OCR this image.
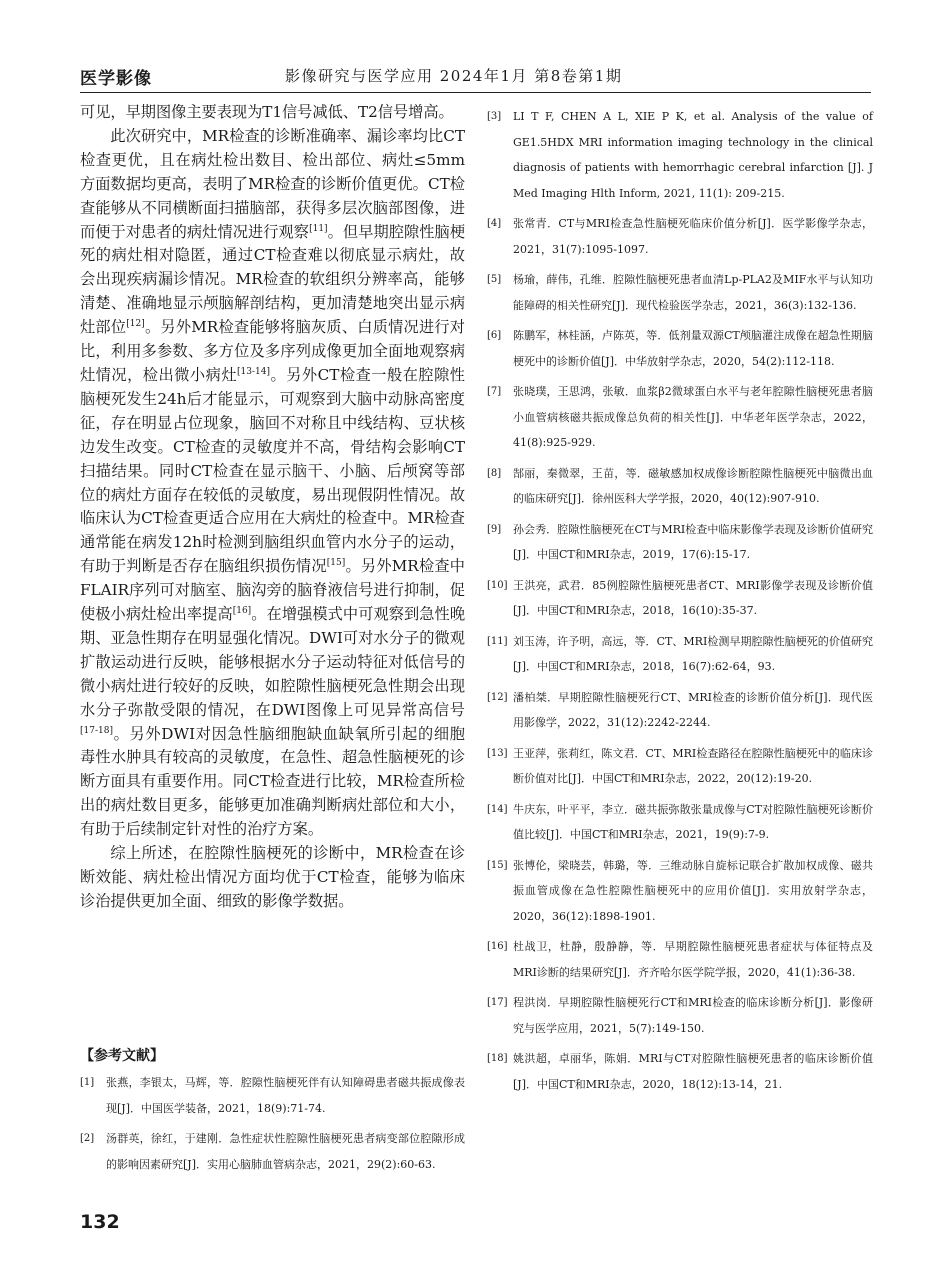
医学影像	影像研究与医学应用 2024年1月 第8卷第1期

可见，早期图像主要表现为T1信号减低、T2信号增高。

此次研究中，MR检查的诊断准确率、漏诊率均比CT检查更优，且在病灶检出数目、检出部位、病灶≤5mm方面数据均更高，表明了MR检查的诊断价值更优。CT检查能够从不同横断面扫描脑部，获得多层次脑部图像，进而便于对患者的病灶情况进行观察[11]。但早期腔隙性脑梗死的病灶相对隐匿，通过CT检查难以彻底显示病灶，故会出现疾病漏诊情况。MR检查的软组织分辨率高，能够清楚、准确地显示颅脑解剖结构，更加清楚地突出显示病灶部位[12]。另外MR检查能够将脑灰质、白质情况进行对比，利用多参数、多方位及多序列成像更加全面地观察病灶情况，检出微小病灶[13-14]。另外CT检查一般在腔隙性脑梗死发生24h后才能显示，可观察到大脑中动脉高密度征，存在明显占位现象，脑回不对称且中线结构、豆状核边发生改变。CT检查的灵敏度并不高，骨结构会影响CT扫描结果。同时CT检查在显示脑干、小脑、后颅窝等部位的病灶方面存在较低的灵敏度，易出现假阴性情况。故临床认为CT检查更适合应用在大病灶的检查中。MR检查通常能在病发12h时检测到脑组织血管内水分子的运动，有助于判断是否存在脑组织损伤情况[15]。另外MR检查中FLAIR序列可对脑室、脑沟旁的脑脊液信号进行抑制，促使极小病灶检出率提高[16]。在增强模式中可观察到急性晚期、亚急性期存在明显强化情况。DWI可对水分子的微观扩散运动进行反映，能够根据水分子运动特征对低信号的微小病灶进行较好的反映，如腔隙性脑梗死急性期会出现水分子弥散受限的情况，在DWI图像上可见异常高信号[17-18]。另外DWI对因急性脑细胞缺血缺氧所引起的细胞毒性水肿具有较高的灵敏度，在急性、超急性脑梗死的诊断方面具有重要作用。同CT检查进行比较，MR检查所检出的病灶数目更多，能够更加准确判断病灶部位和大小，有助于后续制定针对性的治疗方案。

综上所述，在腔隙性脑梗死的诊断中，MR检查在诊断效能、病灶检出情况方面均优于CT检查，能够为临床诊治提供更加全面、细致的影像学数据。

【参考文献】
[1] 张燕，李银太，马辉，等．腔隙性脑梗死伴有认知障碍患者磁共振成像表现[J]．中国医学装备，2021，18(9):71-74.
[2] 汤群英，徐红，于建刚．急性症状性腔隙性脑梗死患者病变部位腔隙形成的影响因素研究[J]．实用心脑肺血管病杂志，2021，29(2):60-63.
[3] LI T F, CHEN A L, XIE P K, et al. Analysis of the value of GE1.5HDX MRI information imaging technology in the clinical diagnosis of patients with hemorrhagic cerebral infarction [J]. J Med Imaging Hlth Inform, 2021, 11(1): 209-215.
[4] 张常青．CT与MRI检查急性脑梗死临床价值分析[J]．医学影像学杂志，2021，31(7):1095-1097.
[5] 杨瑜，薛伟，孔维．腔隙性脑梗死患者血清Lp-PLA2及MIF水平与认知功能障碍的相关性研究[J]．现代检验医学杂志，2021，36(3):132-136.
[6] 陈鹏军，林桂涵，卢陈英，等．低剂量双源CT颅脑灌注成像在超急性期脑梗死中的诊断价值[J]．中华放射学杂志，2020，54(2):112-118.
[7] 张晓璞，王思鸿，张敏．血浆β2微球蛋白水平与老年腔隙性脑梗死患者脑小血管病核磁共振成像总负荷的相关性[J]．中华老年医学杂志，2022，41(8):925-929.
[8] 郜丽，秦微翠，王苗，等．磁敏感加权成像诊断腔隙性脑梗死中脑微出血的临床研究[J]．徐州医科大学学报，2020，40(12):907-910.
[9] 孙会秀．腔隙性脑梗死在CT与MRI检查中临床影像学表现及诊断价值研究[J]．中国CT和MRI杂志，2019，17(6):15-17.
[10] 王洪亮，武君．85例腔隙性脑梗死患者CT、MRI影像学表现及诊断价值[J]．中国CT和MRI杂志，2018，16(10):35-37.
[11] 刘玉涛，许予明，高远，等．CT、MRI检测早期腔隙性脑梗死的价值研究[J]．中国CT和MRI杂志，2018，16(7):62-64，93.
[12] 潘柏桀．早期腔隙性脑梗死行CT、MRI检查的诊断价值分析[J]．现代医用影像学，2022，31(12):2242-2244.
[13] 王亚萍，张莉红，陈文君．CT、MRI检查路径在腔隙性脑梗死中的临床诊断价值对比[J]．中国CT和MRI杂志，2022，20(12):19-20.
[14] 牛庆东，叶平平，李立．磁共振弥散张量成像与CT对腔隙性脑梗死诊断价值比较[J]．中国CT和MRI杂志，2021，19(9):7-9.
[15] 张博伦，梁晓芸，韩璐，等．三维动脉自旋标记联合扩散加权成像、磁共振血管成像在急性腔隙性脑梗死中的应用价值[J]．实用放射学杂志，2020，36(12):1898-1901.
[16] 杜战卫，杜静，殷静静，等．早期腔隙性脑梗死患者症状与体征特点及MRI诊断的结果研究[J]．齐齐哈尔医学院学报，2020，41(1):36-38.
[17] 程洪岗．早期腔隙性脑梗死行CT和MRI检查的临床诊断分析[J]．影像研究与医学应用，2021，5(7):149-150.
[18] 姚洪超，卓丽华，陈娟．MRI与CT对腔隙性脑梗死患者的临床诊断价值[J]．中国CT和MRI杂志，2020，18(12):13-14，21.
132
